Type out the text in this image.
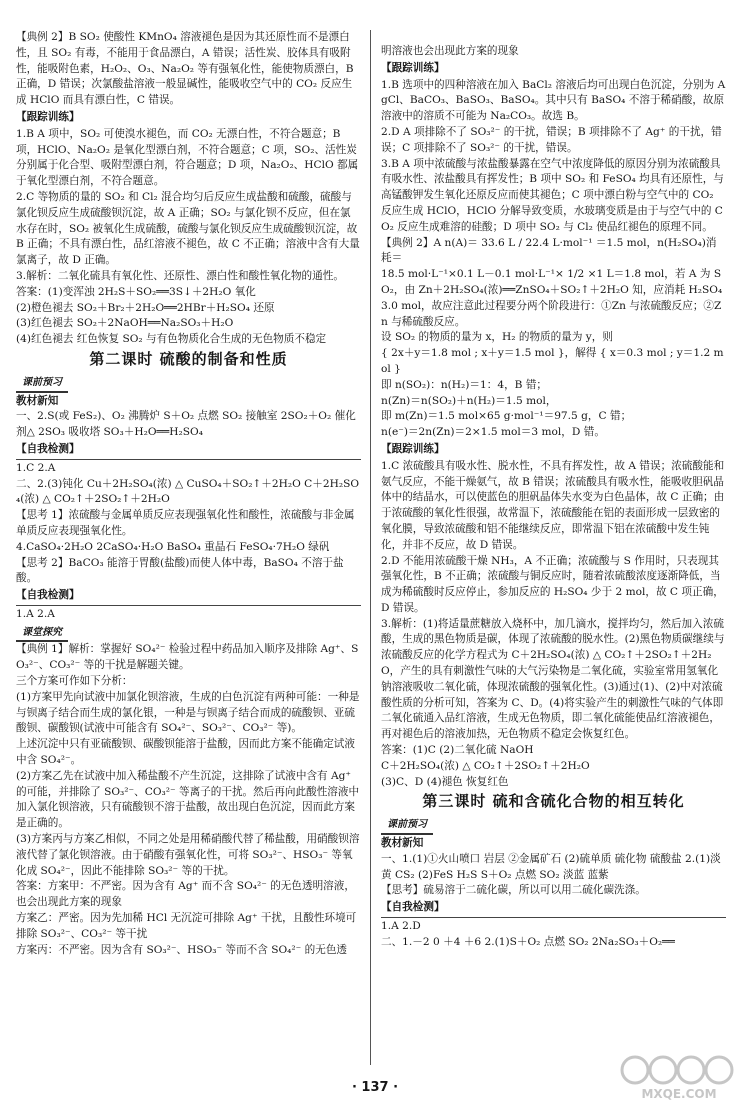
【典例 2】B SO₂ 使酸性 KMnO₄ 溶液褪色是因为其还原性而不是漂白性，且 SO₂ 有毒，不能用于食品漂白，A 错误；活性炭、胶体具有吸附性，能吸附色素，H₂O₂、O₃、Na₂O₂ 等有强氧化性，能使物质漂白，B 正确，D 错误；次氯酸盐溶液一般显碱性，能吸收空气中的 CO₂ 反应生成 HClO 而具有漂白性，C 错误。

【跟踪训练】

1.B A 项中，SO₂ 可使溴水褪色，而 CO₂ 无漂白性，不符合题意；B 项，HClO、Na₂O₂ 是氧化型漂白剂，不符合题意；C 项，SO₂、活性炭分别属于化合型、吸附型漂白剂，符合题意；D 项，Na₂O₂、HClO 都属于氧化型漂白剂，不符合题意。

2.C 等物质的量的 SO₂ 和 Cl₂ 混合均匀后反应生成盐酸和硫酸，硫酸与氯化钡反应生成硫酸钡沉淀，故 A 正确；SO₂ 与氯化钡不反应，但在氯水存在时，SO₂ 被氧化生成硫酸，硫酸与氯化钡反应生成硫酸钡沉淀，故 B 正确；不具有漂白性，品红溶液不褪色，故 C 不正确；溶液中含有大量氯离子，故 D 正确。

3.解析：二氧化硫具有氧化性、还原性、漂白性和酸性氧化物的通性。

答案：(1)变浑浊 2H₂S＋SO₂══3S↓＋2H₂O 氧化

(2)橙色褪去 SO₂＋Br₂＋2H₂O══2HBr＋H₂SO₄ 还原

(3)红色褪去 SO₂＋2NaOH══Na₂SO₃＋H₂O

(4)红色褪去 红色恢复 SO₂ 与有色物质化合生成的无色物质不稳定

第二课时 硫酸的制备和性质
课前预习

教材新知

一、2.S(或 FeS₂)、O₂ 沸腾炉 S＋O₂ 点燃 SO₂ 接触室 2SO₂＋O₂ 催化剂△ 2SO₃ 吸收塔 SO₃＋H₂O══H₂SO₄

【自我检测】

1.C 2.A

二、2.(3)钝化 Cu＋2H₂SO₄(浓) △ CuSO₄＋SO₂↑＋2H₂O C＋2H₂SO₄(浓) △ CO₂↑＋2SO₂↑＋2H₂O

【思考 1】浓硫酸与金属单质反应表现强氧化性和酸性，浓硫酸与非金属单质反应表现强氧化性。

4.CaSO₄·2H₂O 2CaSO₄·H₂O BaSO₄ 重晶石 FeSO₄·7H₂O 绿矾

【思考 2】BaCO₃ 能溶于胃酸(盐酸)而使人体中毒，BaSO₄ 不溶于盐酸。

【自我检测】

1.A 2.A

课堂探究

【典例 1】解析：掌握好 SO₄²⁻ 检验过程中药品加入顺序及排除 Ag⁺、SO₃²⁻、CO₃²⁻ 等的干扰是解题关键。

三个方案可作如下分析：

(1)方案甲先向试液中加氯化钡溶液，生成的白色沉淀有两种可能：一种是与钡离子结合而生成的氯化银，一种是与钡离子结合而成的硫酸钡、亚硫酸钡、碳酸钡(试液中可能含有 SO₄²⁻、SO₃²⁻、CO₃²⁻ 等)。

上述沉淀中只有亚硫酸钡、碳酸钡能溶于盐酸，因而此方案不能确定试液中含 SO₄²⁻。

(2)方案乙先在试液中加入稀盐酸不产生沉淀，这排除了试液中含有 Ag⁺ 的可能，并排除了 SO₃²⁻、CO₃²⁻ 等离子的干扰。然后再向此酸性溶液中加入氯化钡溶液，只有硫酸钡不溶于盐酸，故出现白色沉淀，因而此方案是正确的。

(3)方案丙与方案乙相似，不同之处是用稀硝酸代替了稀盐酸，用硝酸钡溶液代替了氯化钡溶液。由于硝酸有强氧化性，可将 SO₃²⁻、HSO₃⁻ 等氧化成 SO₄²⁻，因此不能排除 SO₃²⁻ 等的干扰。

答案：方案甲：不严密。因为含有 Ag⁺ 而不含 SO₄²⁻ 的无色透明溶液，也会出现此方案的现象

方案乙：严密。因为先加稀 HCl 无沉淀可排除 Ag⁺ 干扰，且酸性环境可排除 SO₃²⁻、CO₃²⁻ 等干扰

方案丙：不严密。因为含有 SO₃²⁻、HSO₃⁻ 等而不含 SO₄²⁻ 的无色透

明溶液也会出现此方案的现象

【跟踪训练】

1.B 选项中的四种溶液在加入 BaCl₂ 溶液后均可出现白色沉淀，分别为 AgCl、BaCO₃、BaSO₃、BaSO₄。其中只有 BaSO₄ 不溶于稀硝酸，故原溶液中的溶质不可能为 Na₂CO₃。故选 B。

2.D A 项排除不了 SO₃²⁻ 的干扰，错误；B 项排除不了 Ag⁺ 的干扰，错误；C 项排除不了 SO₃²⁻ 的干扰，错误。

3.B A 项中浓硫酸与浓盐酸暴露在空气中浓度降低的原因分别为浓硫酸具有吸水性、浓盐酸具有挥发性；B 项中 SO₂ 和 FeSO₄ 均具有还原性，与高锰酸钾发生氧化还原反应而使其褪色；C 项中漂白粉与空气中的 CO₂ 反应生成 HClO，HClO 分解导致变质，水玻璃变质是由于与空气中的 CO₂ 反应生成难溶的硅酸；D 项中 SO₂ 与 Cl₂ 使品红褪色的原理不同。

【典例 2】A n(A)＝ 33.6 L / 22.4 L·mol⁻¹ ＝1.5 mol，n(H₂SO₄)消耗＝

18.5 mol·L⁻¹×0.1 L－0.1 mol·L⁻¹× 1/2 ×1 L＝1.8 mol，若 A 为 SO₂，由 Zn＋2H₂SO₄(浓)══ZnSO₄＋SO₂↑＋2H₂O 知，应消耗 H₂SO₄ 3.0 mol，故应注意此过程要分两个阶段进行：①Zn 与浓硫酸反应；②Zn 与稀硫酸反应。

设 SO₂ 的物质的量为 x，H₂ 的物质的量为 y，则

{ 2x＋y＝1.8 mol ; x＋y＝1.5 mol }，解得 { x＝0.3 mol ; y＝1.2 mol }

即 n(SO₂)：n(H₂)＝1：4，B 错；

n(Zn)＝n(SO₂)＋n(H₂)＝1.5 mol，

即 m(Zn)＝1.5 mol×65 g·mol⁻¹＝97.5 g，C 错；

n(e⁻)＝2n(Zn)＝2×1.5 mol＝3 mol，D 错。

【跟踪训练】

1.C 浓硫酸具有吸水性、脱水性，不具有挥发性，故 A 错误；浓硫酸能和氨气反应，不能干燥氨气，故 B 错误；浓硫酸具有吸水性，能吸收胆矾晶体中的结晶水，可以使蓝色的胆矾晶体失水变为白色晶体，故 C 正确；由于浓硫酸的氧化性很强，故常温下，浓硫酸能在铝的表面形成一层致密的氧化膜，导致浓硫酸和铝不能继续反应，即常温下铝在浓硫酸中发生钝化，并非不反应，故 D 错误。

2.D 不能用浓硫酸干燥 NH₃，A 不正确；浓硫酸与 S 作用时，只表现其强氧化性，B 不正确；浓硫酸与铜反应时，随着浓硫酸浓度逐渐降低，当成为稀硫酸时反应停止，参加反应的 H₂SO₄ 少于 2 mol，故 C 项正确，D 错误。

3.解析：(1)将适量蔗糖放入烧杯中，加几滴水，搅拌均匀，然后加入浓硫酸，生成的黑色物质是碳，体现了浓硫酸的脱水性。(2)黑色物质碳继续与浓硫酸反应的化学方程式为 C＋2H₂SO₄(浓) △ CO₂↑＋2SO₂↑＋2H₂O，产生的具有刺激性气味的大气污染物是二氧化硫，实验室常用氢氧化钠溶液吸收二氧化硫，体现浓硫酸的强氧化性。(3)通过(1)、(2)中对浓硫酸性质的分析可知，答案为 C、D。(4)将实验产生的刺激性气味的气体即二氧化硫通入品红溶液，生成无色物质，即二氧化硫能使品红溶液褪色，再对褪色后的溶液加热，无色物质不稳定会恢复红色。

答案：(1)C (2)二氧化硫 NaOH

C＋2H₂SO₄(浓) △ CO₂↑＋2SO₂↑＋2H₂O

(3)C、D (4)褪色 恢复红色

第三课时 硫和含硫化合物的相互转化
课前预习

教材新知

一、1.(1)①火山喷口 岩层 ②金属矿石 (2)硫单质 硫化物 硫酸盐 2.(1)淡黄 CS₂ (2)FeS H₂S S＋O₂ 点燃 SO₂ 淡蓝 蓝紫

【思考】硫易溶于二硫化碳，所以可以用二硫化碳洗涤。

【自我检测】

1.A 2.D

二、1.－2 0 ＋4 ＋6 2.(1)S＋O₂ 点燃 SO₂ 2Na₂SO₃＋O₂══

· 137 ·	MXQE.COM
